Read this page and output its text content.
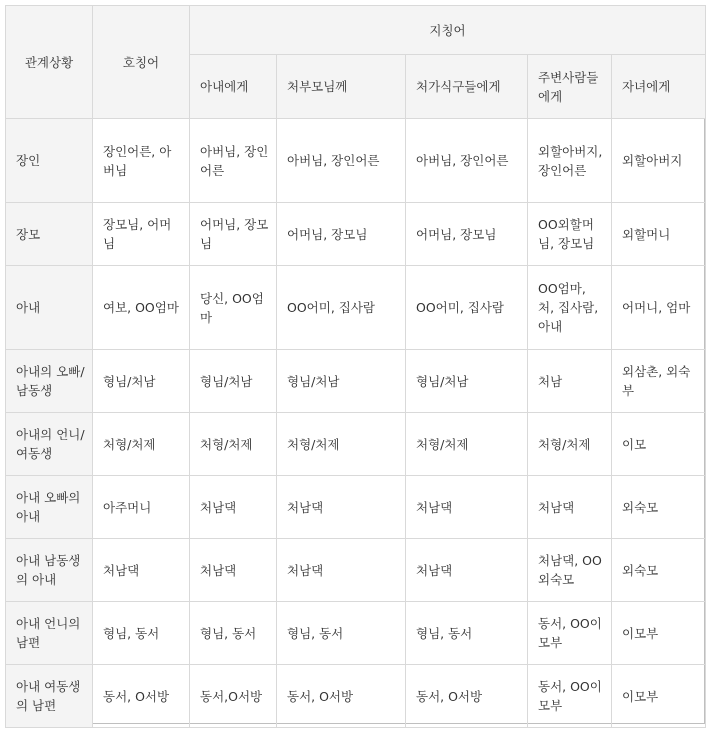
관계상황	호칭어	지칭어				
		아내에게	처부모님께	처가식구들에게	주변사람들에게	자녀에게
장인	장인어른, 아버님	아버님, 장인어른	아버님, 장인어른	아버님, 장인어른	외할아버지, 장인어른	외할아버지
장모	장모님, 어머님	어머님, 장모님	어머님, 장모님	어머님, 장모님	OO외할머님, 장모님	외할머니
아내	여보, OO엄마	당신, OO엄마	OO어미, 집사람	OO어미, 집사람	OO엄마, 처, 집사람, 아내	어머니, 엄마
아내의 오빠/남동생	형님/처남	형님/처남	형님/처남	형님/처남	처남	외삼촌, 외숙부
아내의 언니/여동생	처형/처제	처형/처제	처형/처제	처형/처제	처형/처제	이모
아내 오빠의 아내	아주머니	처남댁	처남댁	처남댁	처남댁	외숙모
아내 남동생의 아내	처남댁	처남댁	처남댁	처남댁	처남댁, OO외숙모	외숙모
아내 언니의 남편	형님, 동서	형님, 동서	형님, 동서	형님, 동서	동서, OO이모부	이모부
아내 여동생의 남편	동서, O서방	동서,O서방	동서, O서방	동서, O서방	동서, OO이모부	이모부
